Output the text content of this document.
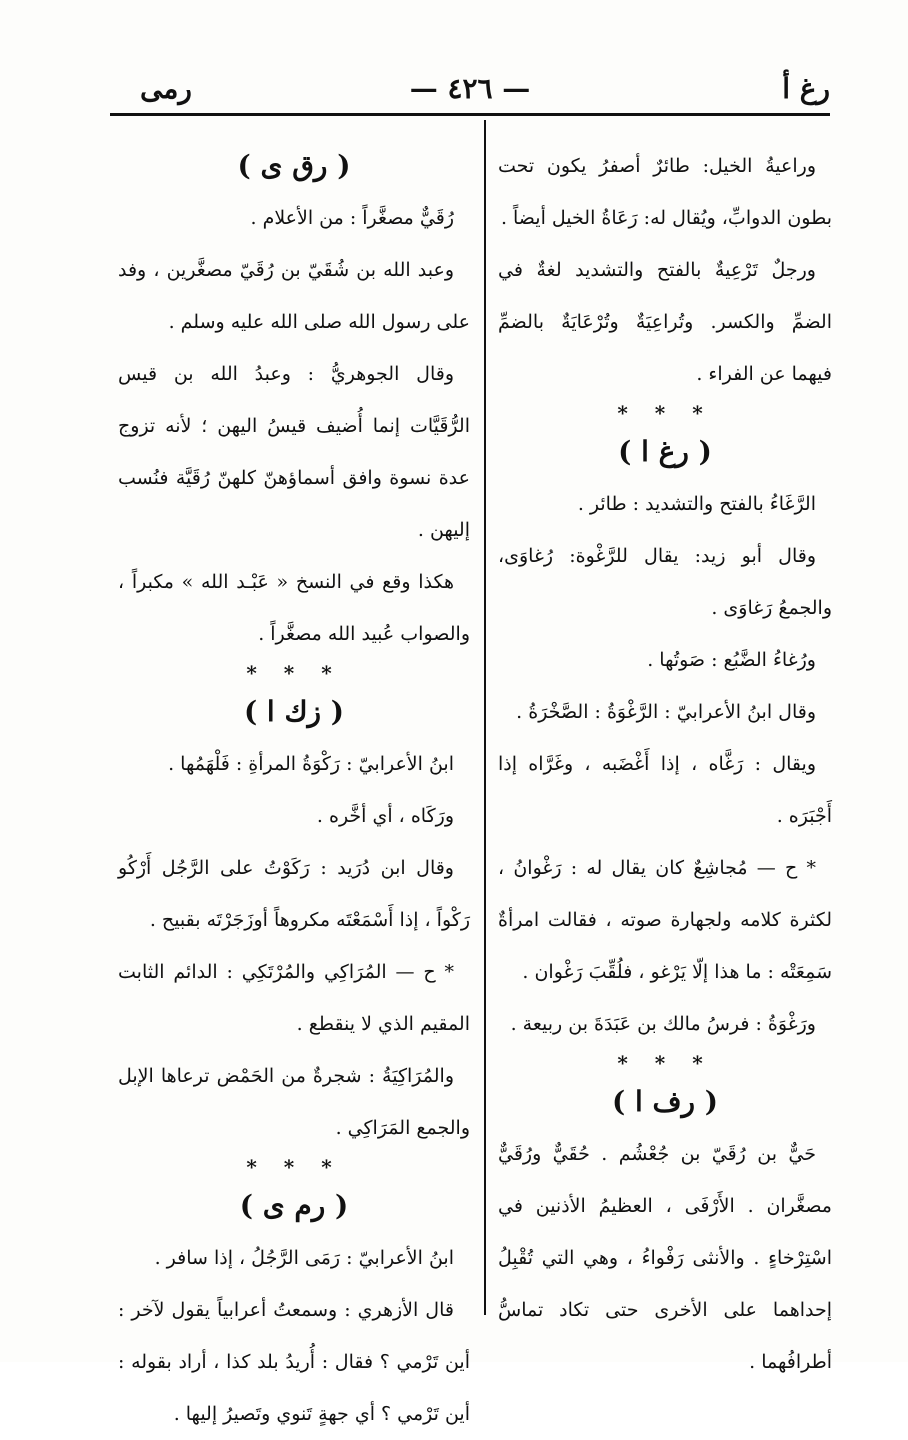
رغ أ
— ٤٢٦ —
رمى

وراعيةُ الخيل: طائرٌ أصفرُ يكون تحت بطون الدوابِّ، ويُقال له: رَعَاةُ الخيل أيضاً .

ورجلٌ تَرْعِيةٌ بالفتح والتشديد لغةٌ في الضمِّ والكسر. وتُراعِيَةٌ وتُرْعَايَةٌ بالضمِّ فيهما عن الفراء .

* * *
( رغ ا )

الرَّغَاءُ بالفتح والتشديد : طائر .

وقال أبو زيد: يقال للرَّغْوة: رُغاوَى، والجمعُ رَغاوَى .

ورُغاءُ الضَّبُع : صَوتُها .

وقال ابنُ الأعرابيّ : الرَّغْوَةُ : الصَّخْرَةُ .

ويقال : رَغَّاه ، إذا أَغْضَبه ، وغَرَّاه إذا أَجْبَرَه .

* ح — مُجاشِعٌ كان يقال له : رَغْوانُ ، لكثرة كلامه ولجهارة صوته ، فقالت امرأةٌ سَمِعَتْه : ما هذا إلّا يَرْغو ، فلُقِّبَ رَغْوان .

ورَغْوَةُ : فرسُ مالك بن عَبَدَةَ بن ربيعة .

* * *
( رف ا )

حَيٌّ بن رُقَيّ بن جُعْشُم . حُقَيٌّ ورُقَيٌّ مصغَّران . الأَرْفَى ، العظيمُ الأذنين في اسْتِرْخاءٍ . والأنثى رَفْواءُ ، وهي التي تُقْبِلُ إحداهما على الأخرى حتى تكاد تماسُّ أطرافُهما .

( رق ى )

رُقَيٌّ مصغَّراً : من الأعلام .

وعبد الله بن شُقَيّ بن رُقَيّ مصغَّرين ، وفد على رسول الله صلى الله عليه وسلم .

وقال الجوهريُّ : وعبدُ الله بن قيس الرُّقَيَّات إنما أُضيف قيسُ اليهن ؛ لأنه تزوج عدة نسوة وافق أسماؤهنّ كلهنّ رُقَيَّة فنُسب إليهن .

هكذا وقع في النسخ « عَبْـد الله » مكبراً ، والصواب عُبيد الله مصغَّراً .

* * *
( زك ا )

ابنُ الأعرابيّ : رَكْوَةُ المرأةِ : فَلْهَمُها .

ورَكَاه ، أي أخَّره .

وقال ابن دُرَيد : رَكَوْتُ على الرَّجُل أَرْكُو رَكْواً ، إذا أَسْمَعْتَه مكروهاً أوزَجَرْتَه بقبيح .

* ح — المُرَاكِي والمُرْتَكِي : الدائم الثابت المقيم الذي لا ينقطع .

والمُرَاكِيَةُ : شجرةٌ من الحَمْض ترعاها الإبل والجمع المَرَاكِي .

* * *
( رم ى )

ابنُ الأعرابيّ : رَمَى الرَّجُلُ ، إذا سافر .

قال الأزهري : وسمعتُ أعرابياً يقول لآخر : أين تَرْمي ؟ فقال : أُريدُ بلد كذا ، أراد بقوله : أين تَرْمي ؟ أي جهةٍ تَنوي وتَصيرُ إليها .
